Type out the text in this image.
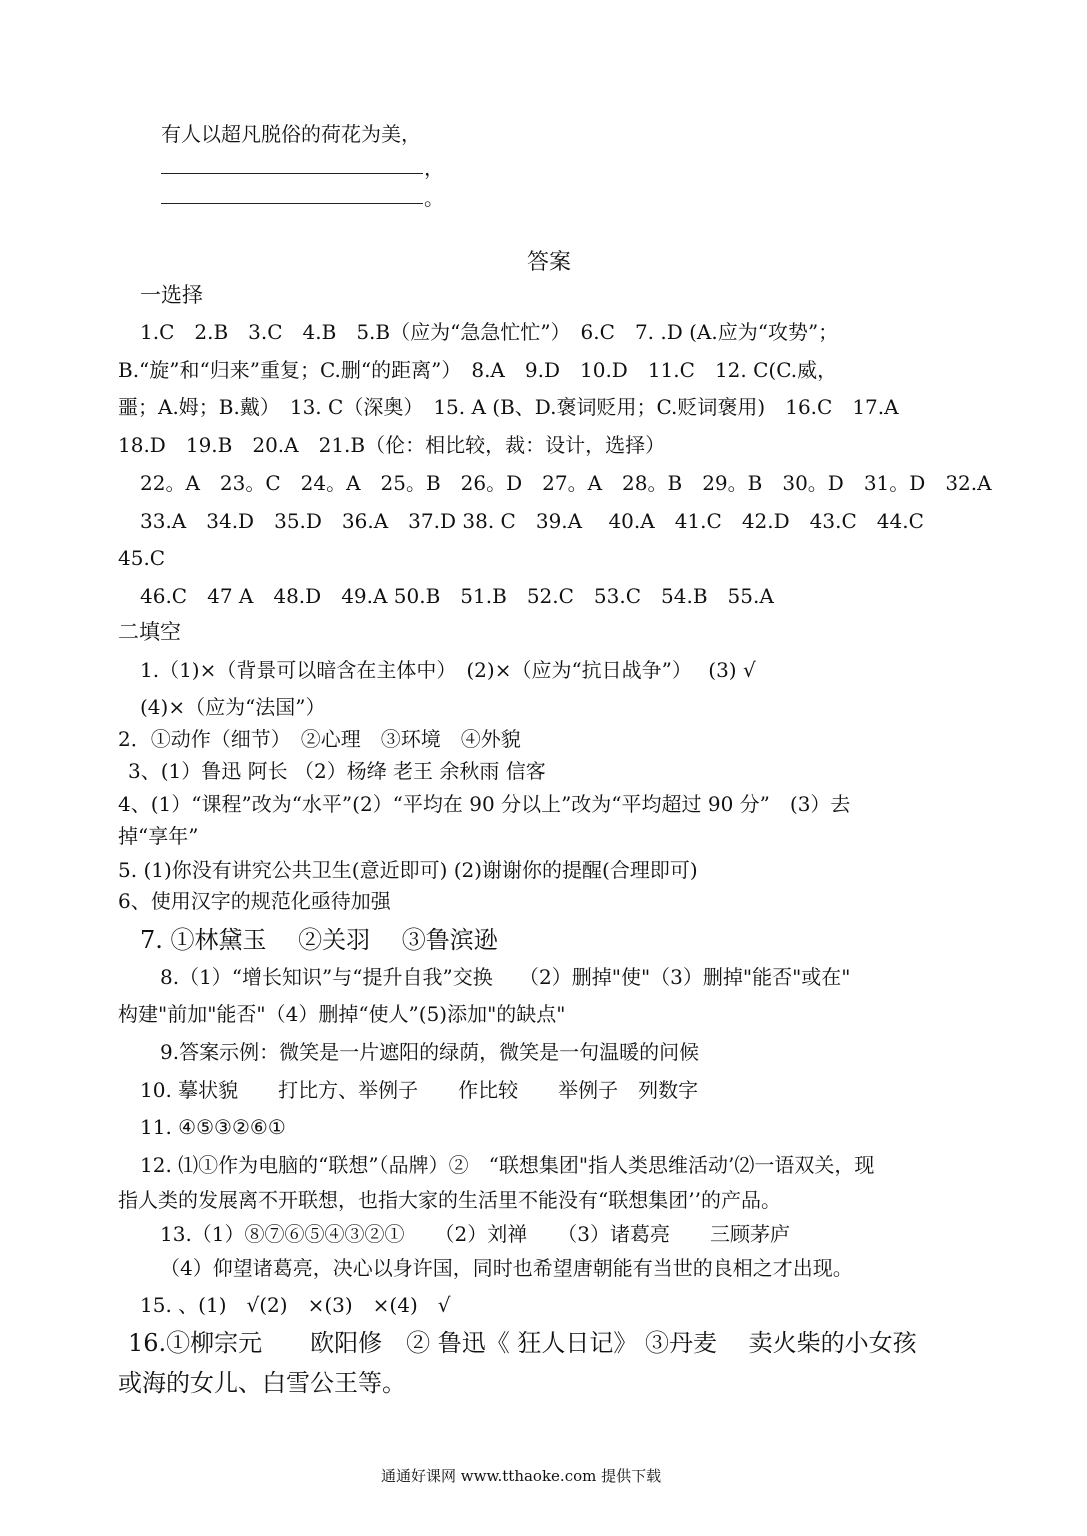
有人以超凡脱俗的荷花为美，
，
。
答案
一选择
1.C　2.B　3.C　4.B　5.B（应为“急急忙忙”）　6.C　7. .D (A.应为“攻势”；
B.“旋”和“归来”重复；C.删“的距离”）　8.A　9.D　10.D　11.C　12. C(C.威，
噩；A.姆；B.戴）　13. C（深奥）　15. A (B、D.褒词贬用；C.贬词褒用)　16.C　17.A
18.D　19.B　20.A　21.B（伦：相比较，裁：设计，选择）
22。A　23。C　24。A　25。B　26。D　27。A　28。B　29。B　30。D　31。D　32.A
33.A　34.D　35.D　36.A　37.D 38. C　39.A　 40.A　41.C　42.D　43.C　44.C
45.C
46.C　47 A　48.D　49.A 50.B　51.B　52.C　53.C　54.B　55.A
二填空
1.（1)×（背景可以暗含在主体中）　(2)×（应为“抗日战争”）　 (3) √
(4)×（应为“法国”）
2．①动作（细节）　②心理　③环境　④外貌
3、(1）鲁迅 阿长 （2）杨绛 老王 余秋雨 信客
4、(1）“课程”改为“水平”(2）“平均在 90 分以上”改为“平均超过 90 分”　(3）去
掉“享年”
5. (1)你没有讲究公共卫生(意近即可) (2)谢谢你的提醒(合理即可)
6、使用汉字的规范化亟待加强
7. ①林黛玉　 ②关羽　 ③鲁滨逊
8.（1）“增长知识”与“提升自我”交换　 （2）删掉"使"（3）删掉"能否"或在"
构建"前加"能否"（4）删掉“使人”(5)添加"的缺点"
9.答案示例：微笑是一片遮阳的绿荫，微笑是一句温暖的问候
10. 摹状貌　　打比方、举例子　　作比较　　举例子　列数字
11. ④⑤③②⑥①
12. ⑴①作为电脑的“联想”（品牌）②　“联想集团"指人类思维活动’⑵一语双关，现
指人类的发展离不开联想，也指大家的生活里不能没有“联想集团’’的产品。
13.（1）⑧⑦⑥⑤④③②①　　（2）刘禅　　（3）诸葛亮　　三顾茅庐
（4）仰望诸葛亮，决心以身许国，同时也希望唐朝能有当世的良相之才出现。
15. 、(1)　√(2)　×(3)　×(4)　√
16.①柳宗元　　欧阳修　② 鲁迅《 狂人日记》 ③丹麦　 卖火柴的小女孩
或海的女儿、白雪公王等。
通通好课网 www.tthaoke.com 提供下载
